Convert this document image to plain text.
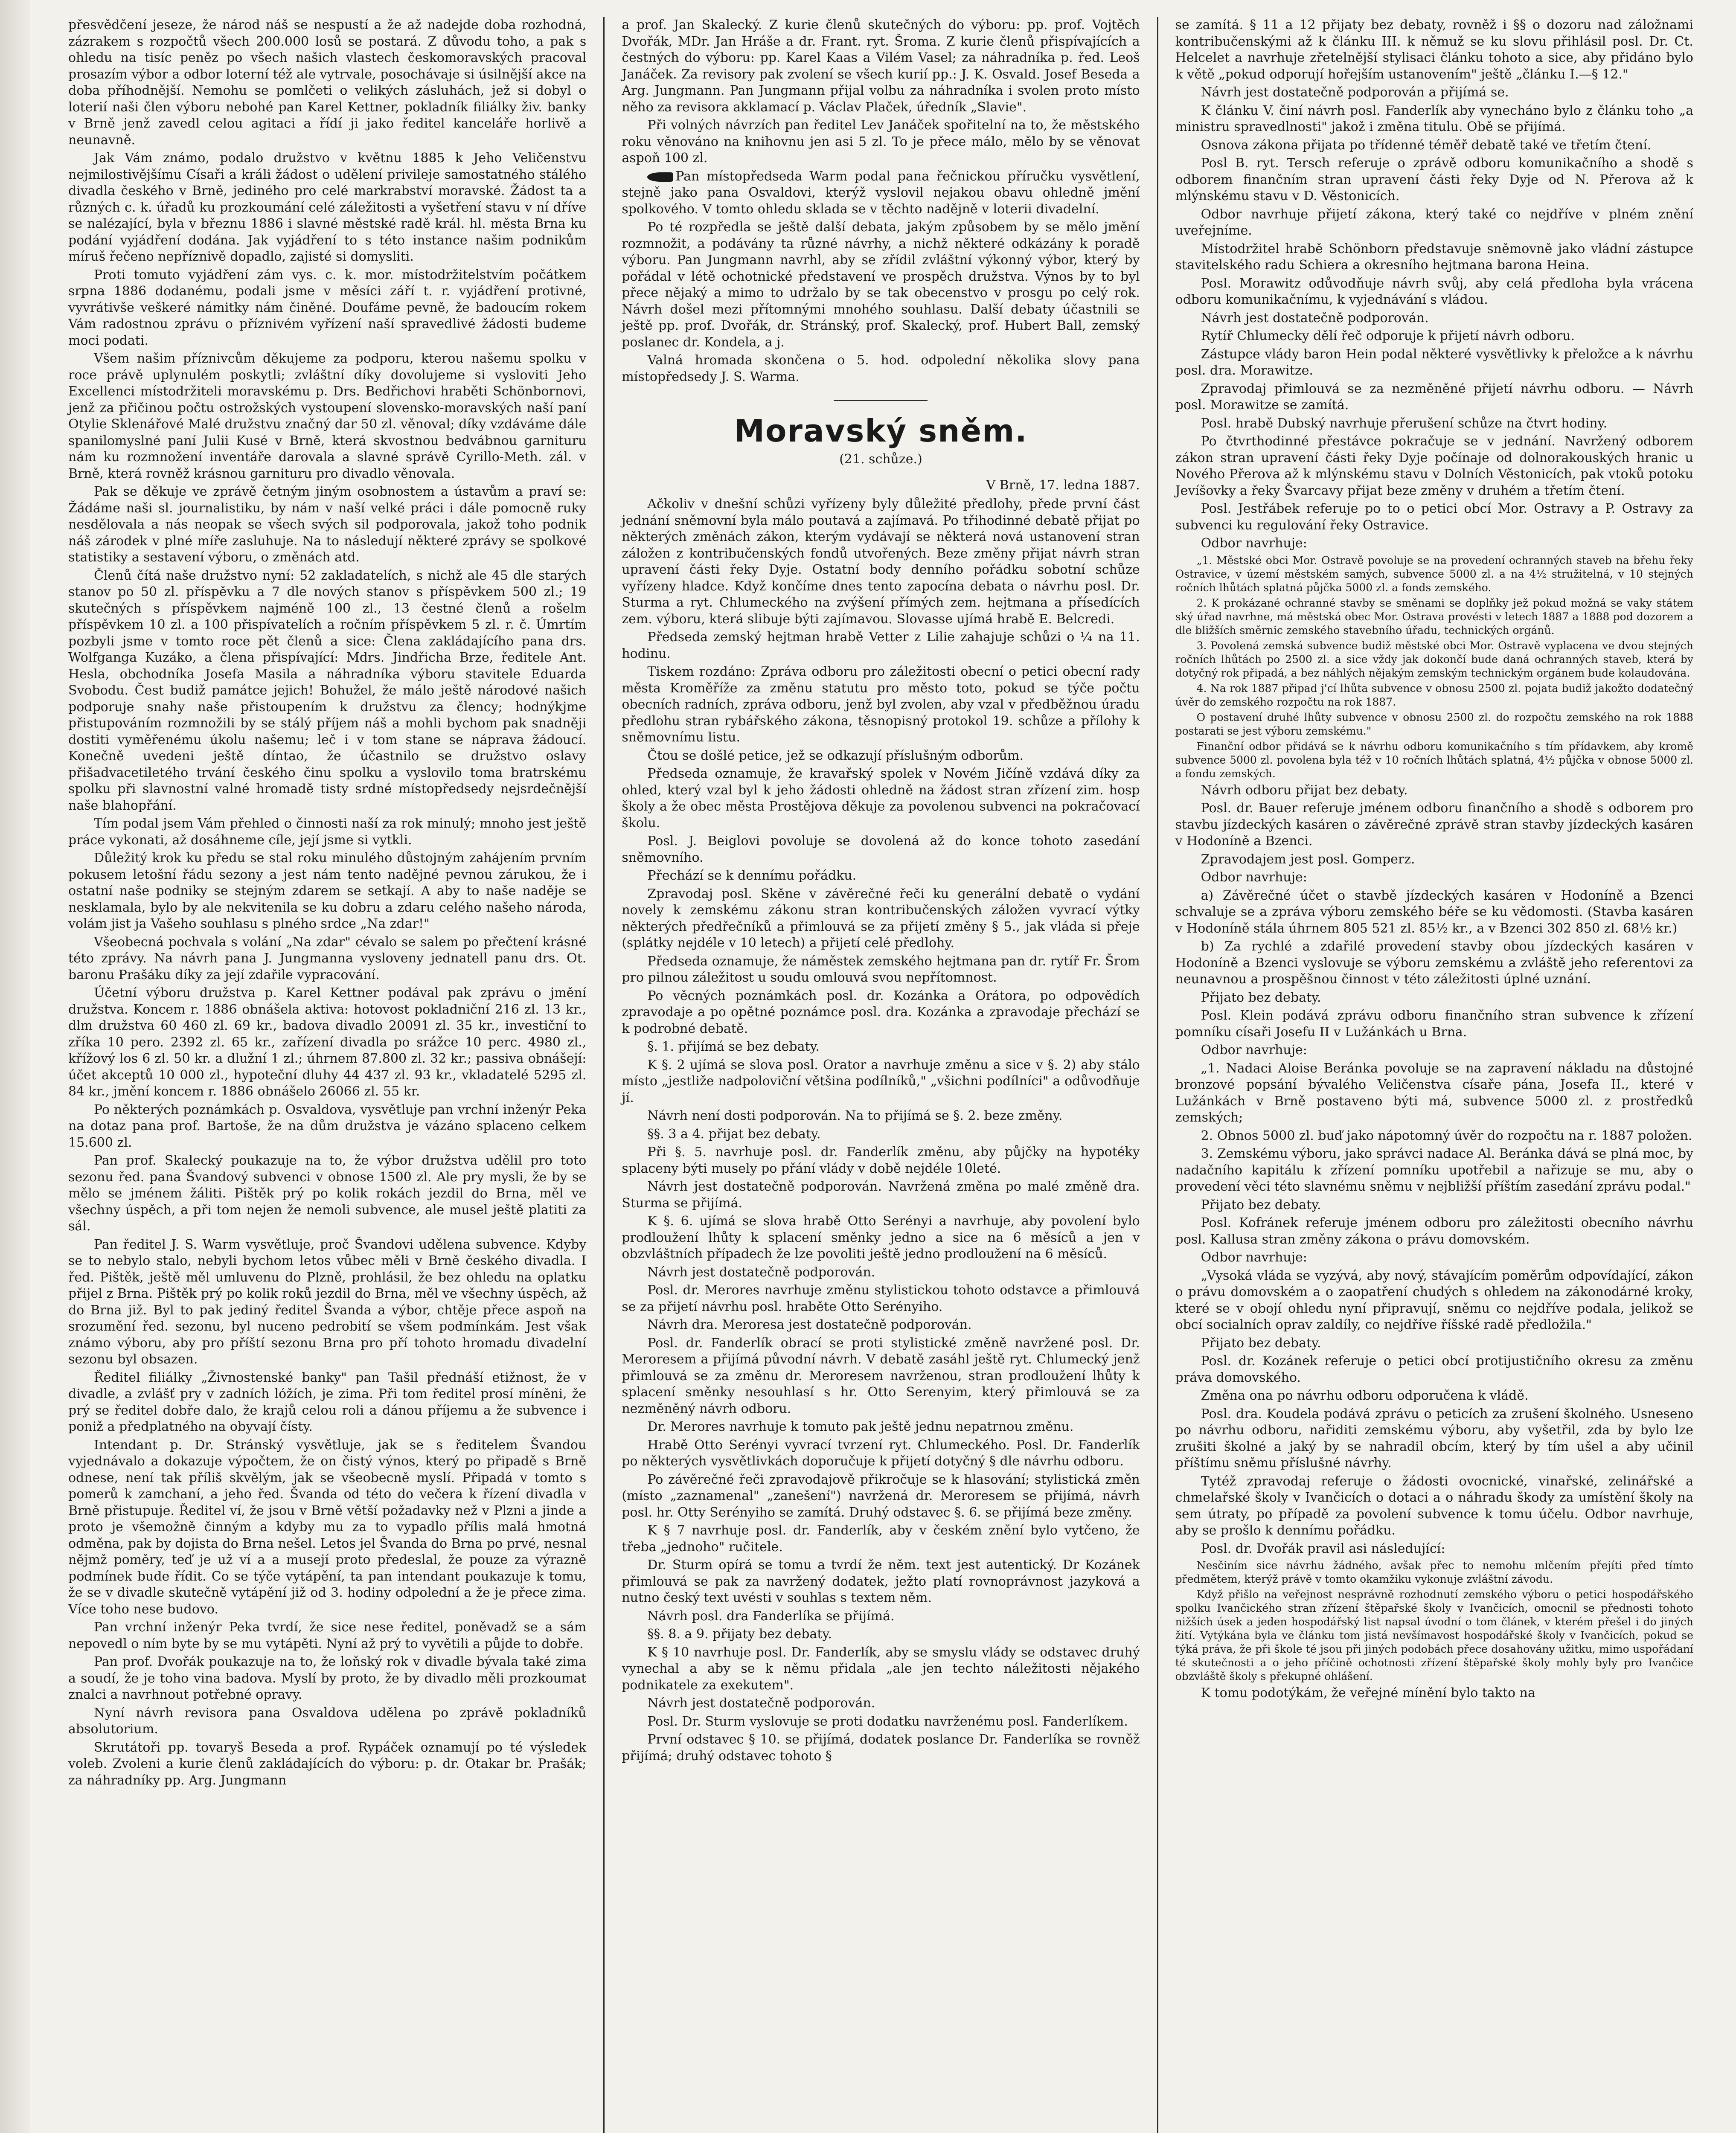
přesvědčení jeseze, že národ náš se nespustí a že až nadejde doba rozhodná, zázrakem s rozpočtů všech 200.000 losů se postará. Z důvodu toho, a pak s ohledu na tisíc peněz po všech našich vlastech českomoravských pracoval prosazím výbor a odbor loterní též ale vytrvale, posochávaje si úsilnější akce na doba příhodnější. Nemohu se pomlčeti o velikých zásluhách, jež si dobyl o loterií naši člen výboru nebohé pan Karel Kettner, pokladník filiálky živ. banky v Brně jenž zavedl celou agitaci a řídí ji jako ředitel kanceláře horlivě a neunavně.

Jak Vám známo, podalo družstvo v květnu 1885 k Jeho Veličenstvu nejmilostivějšímu Císaři a králi žádost o udělení privileje samostatného stálého divadla českého v Brně, jediného pro celé markrabství moravské. Žádost ta a různých c. k. úřadů ku prozkoumání celé záležitosti a vyšetření stavu v ní dříve se nalézající, byla v březnu 1886 i slavné městské radě král. hl. města Brna ku podání vyjádření dodána. Jak vyjádření to s této instance našim podnikům míruš řečeno nepříznivě dopadlo, zajisté si domysliti.

Proti tomuto vyjádření zám vys. c. k. mor. místodržitelstvím počátkem srpna 1886 dodanému, podali jsme v měsíci září t. r. vyjádření protivné, vyvrátivše veškeré námitky nám činěné. Doufáme pevně, že badoucím rokem Vám radostnou zprávu o příznivém vyřízení naší spravedlivé žádosti budeme moci podati.

Všem našim příznivcům děkujeme za podporu, kterou našemu spolku v roce právě uplynulém poskytli; zvláštní díky dovolujeme si vysloviti Jeho Excellenci místodržiteli moravskému p. Drs. Bedřichovi hraběti Schönbornovi, jenž za přičinou počtu ostrožských vystoupení slovensko-moravských naší paní Otylie Sklenářové Malé družstvu značný dar 50 zl. věnoval; díky vzdáváme dále spanilomyslné paní Julii Kusé v Brně, která skvostnou bedvábnou garnituru nám ku rozmnožení inventáře darovala a slavné správě Cyrillo-Meth. zál. v Brně, která rovněž krásnou garnituru pro divadlo věnovala.

Pak se děkuje ve zprávě četným jiným osobnostem a ústavům a praví se: Žádáme naši sl. journalistiku, by nám v naší velké práci i dále pomocně ruky nesdělovala a nás neopak se všech svých sil podporovala, jakož toho podnik náš zárodek v plné míře zasluhuje. Na to následují některé zprávy se spolkové statistiky a sestavení výboru, o změnách atd.

Členů čítá naše družstvo nyní: 52 zakladatelích, s nichž ale 45 dle starých stanov po 50 zl. příspěvku a 7 dle nových stanov s příspěvkem 500 zl.; 19 skutečných s příspěvkem najméně 100 zl., 13 čestné členů a rošelm příspěvkem 10 zl. a 100 přispívatelích a ročním příspěvkem 5 zl. r. č. Úmrtím pozbyli jsme v tomto roce pět členů a sice: Člena zakládajícího pana drs. Wolfganga Kuzáko, a člena přispívající: Mdrs. Jindřicha Brze, ředitele Ant. Hesla, obchodníka Josefa Masila a náhradníka výboru stavitele Eduarda Svobodu. Čest budiž památce jejich! Bohužel, že málo ještě národové našich podporuje snahy naše přistoupením k družstvu za člency; hodnýkjme přistupováním rozmnožili by se stálý příjem náš a mohli bychom pak snadněji dostiti vyměřenému úkolu našemu; leč i v tom stane se náprava žádoucí. Konečně uvedeni ještě díntao, že účastnilo se družstvo oslavy přišadvacetiletého trvání českého činu spolku a vyslovilo toma bratrskému spolku při slavnostní valné hromadě tisty srdné místopředsedy nejsrdečnější naše blahopřání.

Tím podal jsem Vám přehled o činnosti naší za rok minulý; mnoho jest ještě práce vykonati, až dosáhneme cíle, její jsme si vytkli.

Důležitý krok ku předu se stal roku minulého důstojným zahájením prvním pokusem letošní řádu sezony a jest nám tento nadějné pevnou zárukou, že i ostatní naše podniky se stejným zdarem se setkají. A aby to naše naděje se nesklamala, bylo by ale nekvitenila se ku dobru a zdaru celého našeho národa, volám jist ja Vašeho souhlasu s plného srdce „Na zdar!"

Všeobecná pochvala s volání „Na zdar" cévalo se salem po přečtení krásné této zprávy. Na návrh pana J. Jungmanna vysloveny jednatell panu drs. Ot. baronu Prašáku díky za její zdařile vypracování.

Účetní výboru družstva p. Karel Kettner podával pak zprávu o jmění družstva. Koncem r. 1886 obnášela aktiva: hotovost pokladniční 216 zl. 13 kr., dlm družstva 60 460 zl. 69 kr., badova divadlo 20091 zl. 35 kr., investiční to zříka 10 pero. 2392 zl. 65 kr., zařízení divadla po srážce 10 perc. 4980 zl., křížový los 6 zl. 50 kr. a dlužní 1 zl.; úhrnem 87.800 zl. 32 kr.; passiva obnášejí: účet akceptů 10 000 zl., hypoteční dluhy 44 437 zl. 93 kr., vkladatelé 5295 zl. 84 kr., jmění koncem r. 1886 obnášelo 26066 zl. 55 kr.

Po některých poznámkách p. Osvaldova, vysvětluje pan vrchní inženýr Peka na dotaz pana prof. Bartoše, že na dům družstva je vázáno splaceno celkem 15.600 zl.

Pan prof. Skalecký poukazuje na to, že výbor družstva udělil pro toto sezonu řed. pana Švandový subvenci v obnose 1500 zl. Ale pry mysli, že by se mělo se jménem žáliti. Pištěk prý po kolik rokách jezdil do Brna, měl ve všechny úspěch, a při tom nejen že nemoli subvence, ale musel ještě platiti za sál.

Pan ředitel J. S. Warm vysvětluje, proč Švandovi udělena subvence. Kdyby se to nebylo stalo, nebyli bychom letos vůbec měli v Brně českého divadla. I řed. Pištěk, ještě měl umluvenu do Plzně, prohlásil, že bez ohledu na oplatku přijel z Brna. Pištěk prý po kolik roků jezdil do Brna, měl ve všechny úspěch, až do Brna již. Byl to pak jediný ředitel Švanda a výbor, chtěje přece aspoň na srozumění řed. sezonu, byl nuceno pedrobití se všem podmínkám. Jest však známo výboru, aby pro příští sezonu Brna pro pří tohoto hromadu divadelní sezonu byl obsazen.

Ředitel filiálky „Živnostenské banky" pan Tašil přednáší etižnost, že v divadle, a zvlášť pry v zadních lóžích, je zima. Při tom ředitel prosí míněni, že prý se ředitel dobře dalo, že krajů celou roli a dánou příjemu a že subvence i poniž a předplatného na obyvají čísty.

Intendant p. Dr. Stránský vysvětluje, jak se s ředitelem Švandou vyjednávalo a dokazuje výpočtem, že on čistý výnos, který po připadě s Brně odnese, není tak příliš skvělým, jak se všeobecně myslí. Připadá v tomto s pomerů k zamchaní, a jeho řed. Švanda od této do večera k řízení divadla v Brně přistupuje. Ředitel ví, že jsou v Brně větší požadavky než v Plzni a jinde a proto je všemožně činným a kdyby mu za to vypadlo přílis malá hmotná odměna, pak by dojista do Brna nešel. Letos jel Švanda do Brna po prvé, nesnal nějmž poměry, teď je už ví a a musejí proto předeslal, že pouze za výrazně podmínek bude řídit. Co se týče vytápění, ta pan intendant poukazuje k tomu, že se v divadle skutečně vytápění již od 3. hodiny odpolední a že je přece zima. Více toho nese budovo.

Pan vrchní inženýr Peka tvrdí, že sice nese ředitel, poněvadž se a sám nepovedl o ním byte by se mu vytápěti. Nyní až prý to vyvětili a půjde to dobře.

Pan prof. Dvořák poukazuje na to, že loňský rok v divadle bývala také zima a soudí, že je toho vina badova. Myslí by proto, že by divadlo měli prozkoumat znalci a navrhnout potřebné opravy.

Nyní návrh revisora pana Osvaldova udělena po zprávě pokladníků absolutorium.

Skrutátoři pp. tovaryš Beseda a prof. Rypáček oznamují po té výsledek voleb. Zvoleni a kurie členů zakládajících do výboru: p. dr. Otakar br. Prašák; za náhradníky pp. Arg. Jungmann

a prof. Jan Skalecký. Z kurie členů skutečných do výboru: pp. prof. Vojtěch Dvořák, MDr. Jan Hráše a dr. Frant. ryt. Šroma. Z kurie členů přispívajících a čestných do výboru: pp. Karel Kaas a Vilém Vasel; za náhradníka p. řed. Leoš Janáček. Za revisory pak zvolení se všech kurií pp.: J. K. Osvald. Josef Beseda a Arg. Jungmann. Pan Jungmann přijal volbu za náhradníka i svolen proto místo něho za revisora akklamací p. Václav Plaček, úředník „Slavie".

Při volných návrzích pan ředitel Lev Janáček spořitelní na to, že městského roku věnováno na knihovnu jen asi 5 zl. To je přece málo, mělo by se věnovat aspoň 100 zl.

Pan místopředseda Warm podal pana řečnickou příručku vysvětlení, stejně jako pana Osvaldovi, kterýž vyslovil nejakou obavu ohledně jmění spolkového. V tomto ohledu sklada se v těchto nadějně v loterii divadelní.

Po té rozpředla se ještě další debata, jakým způsobem by se mělo jmění rozmnožit, a podávány ta různé návrhy, a nichž některé odkázány k poradě výboru. Pan Jungmann navrhl, aby se zřídil zvláštní výkonný výbor, který by pořádal v létě ochotnické představení ve prospěch družstva. Výnos by to byl přece nějaký a mimo to udržalo by se tak obecenstvo v prosgu po celý rok. Návrh došel mezi přítomnými mnohého souhlasu. Další debaty účastnili se ještě pp. prof. Dvořák, dr. Stránský, prof. Skalecký, prof. Hubert Ball, zemský poslanec dr. Kondela, a j.

Valná hromada skončena o 5. hod. odpolední několika slovy pana místopředsedy J. S. Warma.

Moravský sněm.
(21. schůze.)
V Brně, 17. ledna 1887.

Ačkoliv v dnešní schůzi vyřízeny byly důležité předlohy, přede první část jednání sněmovní byla málo poutavá a zajímavá. Po třihodinné debatě přijat po některých změnách zákon, kterým vydávají se některá nová ustanovení stran záložen z kontribučenských fondů utvořených. Beze změny přijat návrh stran upravení části řeky Dyje. Ostatní body denního pořádku sobotní schůze vyřízeny hladce. Když končíme dnes tento zapocína debata o návrhu posl. Dr. Sturma a ryt. Chlumeckého na zvýšení přímých zem. hejtmana a přísedících zem. výboru, která slibuje býti zajímavou. Slovasse ujímá hrabě E. Belcredi.

Předseda zemský hejtman hrabě Vetter z Lilie zahajuje schůzi o ¼ na 11. hodinu.

Tiskem rozdáno: Zpráva odboru pro záležitosti obecní o petici obecní rady města Kroměříže za změnu statutu pro město toto, pokud se týče počtu obecních radních, zpráva odboru, jenž byl zvolen, aby vzal v předběžnou úradu předlohu stran rybářského zákona, těsnopisný protokol 19. schůze a přílohy k sněmovnímu listu.

Čtou se došlé petice, jež se odkazují příslušným odborům.

Předseda oznamuje, že kravařský spolek v Novém Jičíně vzdává díky za ohled, který vzal byl k jeho žádosti ohledně na žádost stran zřízení zim. hosp školy a že obec města Prostějova děkuje za povolenou subvenci na pokračovací školu.

Posl. J. Beiglovi povoluje se dovolená až do konce tohoto zasedání sněmovního.

Přechází se k dennímu pořádku.

Zpravodaj posl. Skěne v závěrečné řeči ku generální debatě o vydání novely k zemskému zákonu stran kontribučenských záložen vyvrací výtky některých předřečníků a přimlouvá se za přijetí změny § 5., jak vláda si přeje (splátky nejdéle v 10 letech) a přijetí celé předlohy.

Předseda oznamuje, že náměstek zemského hejtmana pan dr. rytíř Fr. Šrom pro pilnou záležitost u soudu omlouvá svou nepřítomnost.

Po věcných poznámkách posl. dr. Kozánka a Orátora, po odpovědích zpravodaje a po opětné poznámce posl. dra. Kozánka a zpravodaje přechází se k podrobné debatě.

§. 1. přijímá se bez debaty.

K §. 2 ujímá se slova posl. Orator a navrhuje změnu a sice v §. 2) aby stálo místo „jestliže nadpoloviční většina podílníků," „všichni podílníci" a odůvodňuje jí.

Návrh není dosti podporován. Na to přijímá se §. 2. beze změny.

§§. 3 a 4. přijat bez debaty.

Při §. 5. navrhuje posl. dr. Fanderlík změnu, aby půjčky na hypotéky splaceny býti musely po přání vlády v době nejdéle 10leté.

Návrh jest dostatečně podporován. Navržená změna po malé změně dra. Sturma se přijímá.

K §. 6. ujímá se slova hrabě Otto Serényi a navrhuje, aby povolení bylo prodloužení lhůty k splacení směnky jedno a sice na 6 měsíců a jen v obzvláštních případech že lze povoliti ještě jedno prodloužení na 6 měsíců.

Návrh jest dostatečně podporován.

Posl. dr. Merores navrhuje změnu stylistickou tohoto odstavce a přimlouvá se za přijetí návrhu posl. hraběte Otto Serényiho.

Návrh dra. Meroresa jest dostatečně podporován.

Posl. dr. Fanderlík obrací se proti stylistické změně navržené posl. Dr. Meroresem a přijímá původní návrh. V debatě zasáhl ještě ryt. Chlumecký jenž přimlouvá se za změnu dr. Meroresem navrženou, stran prodloužení lhůty k splacení směnky nesouhlasí s hr. Otto Serenyim, který přimlouvá se za nezměněný návrh odboru.

Dr. Merores navrhuje k tomuto pak ještě jednu nepatrnou změnu.

Hrabě Otto Serényi vyvrací tvrzení ryt. Chlumeckého. Posl. Dr. Fanderlík po některých vysvětlivkách doporučuje k přijetí dotyčný § dle návrhu odboru.

Po závěrečné řeči zpravodajově přikročuje se k hlasování; stylistická změn (místo „zaznamenal" „zanešení") navržená dr. Meroresem se přijímá, návrh posl. hr. Otty Serényiho se zamítá. Druhý odstavec §. 6. se přijímá beze změny.

K § 7 navrhuje posl. dr. Fanderlík, aby v českém znění bylo vytčeno, že třeba „jednoho" ručitele.

Dr. Sturm opírá se tomu a tvrdí že něm. text jest autentický. Dr Kozánek přimlouvá se pak za navržený dodatek, ježto platí rovnoprávnost jazyková a nutno český text uvésti v souhlas s textem něm.

Návrh posl. dra Fanderlíka se přijímá.

§§. 8. a 9. přijaty bez debaty.

K § 10 navrhuje posl. Dr. Fanderlík, aby se smyslu vlády se odstavec druhý vynechal a aby se k němu přidala „ale jen techto náležitosti nějakého podnikatele za exekutem".

Návrh jest dostatečně podporován.

Posl. Dr. Sturm vyslovuje se proti dodatku navrženému posl. Fanderlíkem.

První odstavec § 10. se přijímá, dodatek poslance Dr. Fanderlíka se rovněž přijímá; druhý odstavec tohoto §

se zamítá. § 11 a 12 přijaty bez debaty, rovněž i §§ o dozoru nad záložnami kontribučenskými až k článku III. k němuž se ku slovu přihlásil posl. Dr. Ct. Helcelet a navrhuje zřetelnější stylisaci článku tohoto a sice, aby přidáno bylo k větě „pokud odporují hořejším ustanovením" ještě „článku I.—§ 12."

Návrh jest dostatečně podporován a přijímá se.

K článku V. činí návrh posl. Fanderlík aby vynecháno bylo z článku toho „a ministru spravedlnosti" jakož i změna titulu. Obě se přijímá.

Osnova zákona přijata po třídenné téměř debatě také ve třetím čtení.

Posl B. ryt. Tersch referuje o zprávě odboru komunikačního a shodě s odborem finančním stran upravení části řeky Dyje od N. Přerova až k mlýnskému stavu v D. Věstonicích.

Odbor navrhuje přijetí zákona, který také co nejdříve v plném znění uveřejníme.

Místodržitel hrabě Schönborn představuje sněmovně jako vládní zástupce stavitelského radu Schiera a okresního hejtmana barona Heina.

Posl. Morawitz odůvodňuje návrh svůj, aby celá předloha byla vrácena odboru komunikačnímu, k vyjednávání s vládou.

Návrh jest dostatečně podporován.

Rytíř Chlumecky dělí řeč odporuje k přijetí návrh odboru.

Zástupce vlády baron Hein podal některé vysvětlivky k přeložce a k návrhu posl. dra. Morawitze.

Zpravodaj přimlouvá se za nezměněné přijetí návrhu odboru. — Návrh posl. Morawitze se zamítá.

Posl. hrabě Dubský navrhuje přerušení schůze na čtvrt hodiny.

Po čtvrthodinné přestávce pokračuje se v jednání. Navržený odborem zákon stran upravení části řeky Dyje počínaje od dolnorakouských hranic u Nového Přerova až k mlýnskému stavu v Dolních Věstonicích, pak vtoků potoku Jevíšovky a řeky Švarcavy přijat beze změny v druhém a třetím čtení.

Posl. Jestřábek referuje po to o petici obcí Mor. Ostravy a P. Ostravy za subvenci ku regulování řeky Ostravice.

Odbor navrhuje:

„1. Městské obci Mor. Ostravě povoluje se na provedení ochranných staveb na břehu řeky Ostravice, v území městském samých, subvence 5000 zl. a na 4½ stružitelná, v 10 stejných ročních lhůtách splatná půjčka 5000 zl. a fonds zemského.

2. K prokázané ochranné stavby se směnami se doplňky jež pokud možná se vaky státem ský úřad navrhne, má městská obec Mor. Ostrava provésti v letech 1887 a 1888 pod dozorem a dle bližších směrnic zemského stavebního úřadu, technických orgánů.

3. Povolená zemská subvence budiž městské obci Mor. Ostravě vyplacena ve dvou stejných ročních lhůtách po 2500 zl. a sice vždy jak dokončí bude daná ochranných staveb, která by dotyčný rok připadá, a bez náhlých nějakým zemským technickým orgánem bude kolaudována.

4. Na rok 1887 připad j'cí lhůta subvence v obnosu 2500 zl. pojata budiž jakožto dodatečný úvěr do zemského rozpočtu na rok 1887.

O postavení druhé lhůty subvence v obnosu 2500 zl. do rozpočtu zemského na rok 1888 postarati se jest výboru zemskému."

Finanční odbor přidává se k návrhu odboru komunikačního s tím přídavkem, aby kromě subvence 5000 zl. povolena byla též v 10 ročních lhůtách splatná, 4½ půjčka v obnose 5000 zl. a fondu zemských.

Návrh odboru přijat bez debaty.

Posl. dr. Bauer referuje jménem odboru finančního a shodě s odborem pro stavbu jízdeckých kasáren o závěrečné zprávě stran stavby jízdeckých kasáren v Hodoníně a Bzenci.

Zpravodajem jest posl. Gomperz.

Odbor navrhuje:

a) Závěrečné účet o stavbě jízdeckých kasáren v Hodoníně a Bzenci schvaluje se a zpráva výboru zemského béře se ku vědomosti. (Stavba kasáren v Hodoníně stála úhrnem 805 521 zl. 85½ kr., a v Bzenci 302 850 zl. 68½ kr.)

b) Za rychlé a zdařilé provedení stavby obou jízdeckých kasáren v Hodoníně a Bzenci vyslovuje se výboru zemskému a zvláště jeho referentovi za neunavnou a prospěšnou činnost v této záležitosti úplné uznání.

Přijato bez debaty.

Posl. Klein podává zprávu odboru finančního stran subvence k zřízení pomníku císaři Josefu II v Lužánkách u Brna.

Odbor navrhuje:

„1. Nadaci Aloise Beránka povoluje se na zapravení nákladu na důstojné bronzové popsání bývalého Veličenstva císaře pána, Josefa II., které v Lužánkách v Brně postaveno býti má, subvence 5000 zl. z prostředků zemských;

2. Obnos 5000 zl. buď jako nápotomný úvěr do rozpočtu na r. 1887 položen.

3. Zemskému výboru, jako správci nadace Al. Beránka dává se plná moc, by nadačního kapitálu k zřízení pomníku upotřebil a nařizuje se mu, aby o provedení věci této slavnému sněmu v nejbližší příštím zasedání zprávu podal."

Přijato bez debaty.

Posl. Kofránek referuje jménem odboru pro záležitosti obecního návrhu posl. Kallusa stran změny zákona o právu domovském.

Odbor navrhuje:

„Vysoká vláda se vyzývá, aby nový, stávajícím poměrům odpovídající, zákon o právu domovském a o zaopatření chudých s ohledem na zákonodárné kroky, které se v obojí ohledu nyní připravují, sněmu co nejdříve podala, jelikož se obcí socialních oprav zaldíly, co nejdříve říšské radě předložila."

Přijato bez debaty.

Posl. dr. Kozánek referuje o petici obcí protijustičního okresu za změnu práva domovského.

Změna ona po návrhu odboru odporučena k vládě.

Posl. dra. Koudela podává zprávu o peticích za zrušení školného. Usneseno po návrhu odboru, nařiditi zemskému výboru, aby vyšetřil, zda by bylo lze zrušiti školné a jaký by se nahradil obcím, který by tím ušel a aby učinil příštímu sněmu příslušné návrhy.

Tytéž zpravodaj referuje o žádosti ovocnické, vinařské, zelinářské a chmelařské školy v Ivančicích o dotaci a o náhradu škody za umístění školy na sem útraty, po případě za povolení subvence k tomu účelu. Odbor navrhuje, aby se prošlo k dennímu pořádku.

Posl. dr. Dvořák pravil asi následující:

Nesčiním sice návrhu žádného, avšak přec to nemohu mlčením přejíti před tímto předmětem, kterýž právě v tomto okamžiku vykonuje zvláštní závodu.

Když přišlo na veřejnost nesprávně rozhodnutí zemského výboru o petici hospodářského spolku Ivančického stran zřízení štěpařské školy v Ivančicích, omocnil se přednosti tohoto nižších úsek a jeden hospodářský list napsal úvodní o tom článek, v kterém přešel i do jiných žití. Vytýkána byla ve článku tom jistá nevšímavost hospodářské školy v Ivančicích, pokud se týká práva, že při škole té jsou při jiných podobách přece dosahovány užitku, mimo uspořádaní té skutečnosti a o jeho příčině ochotnosti zřízení štěpařské školy mohly byly pro Ivančice obzvláště školy s překupné ohlášení.

K tomu podotýkám, že veřejné mínění bylo takto na
